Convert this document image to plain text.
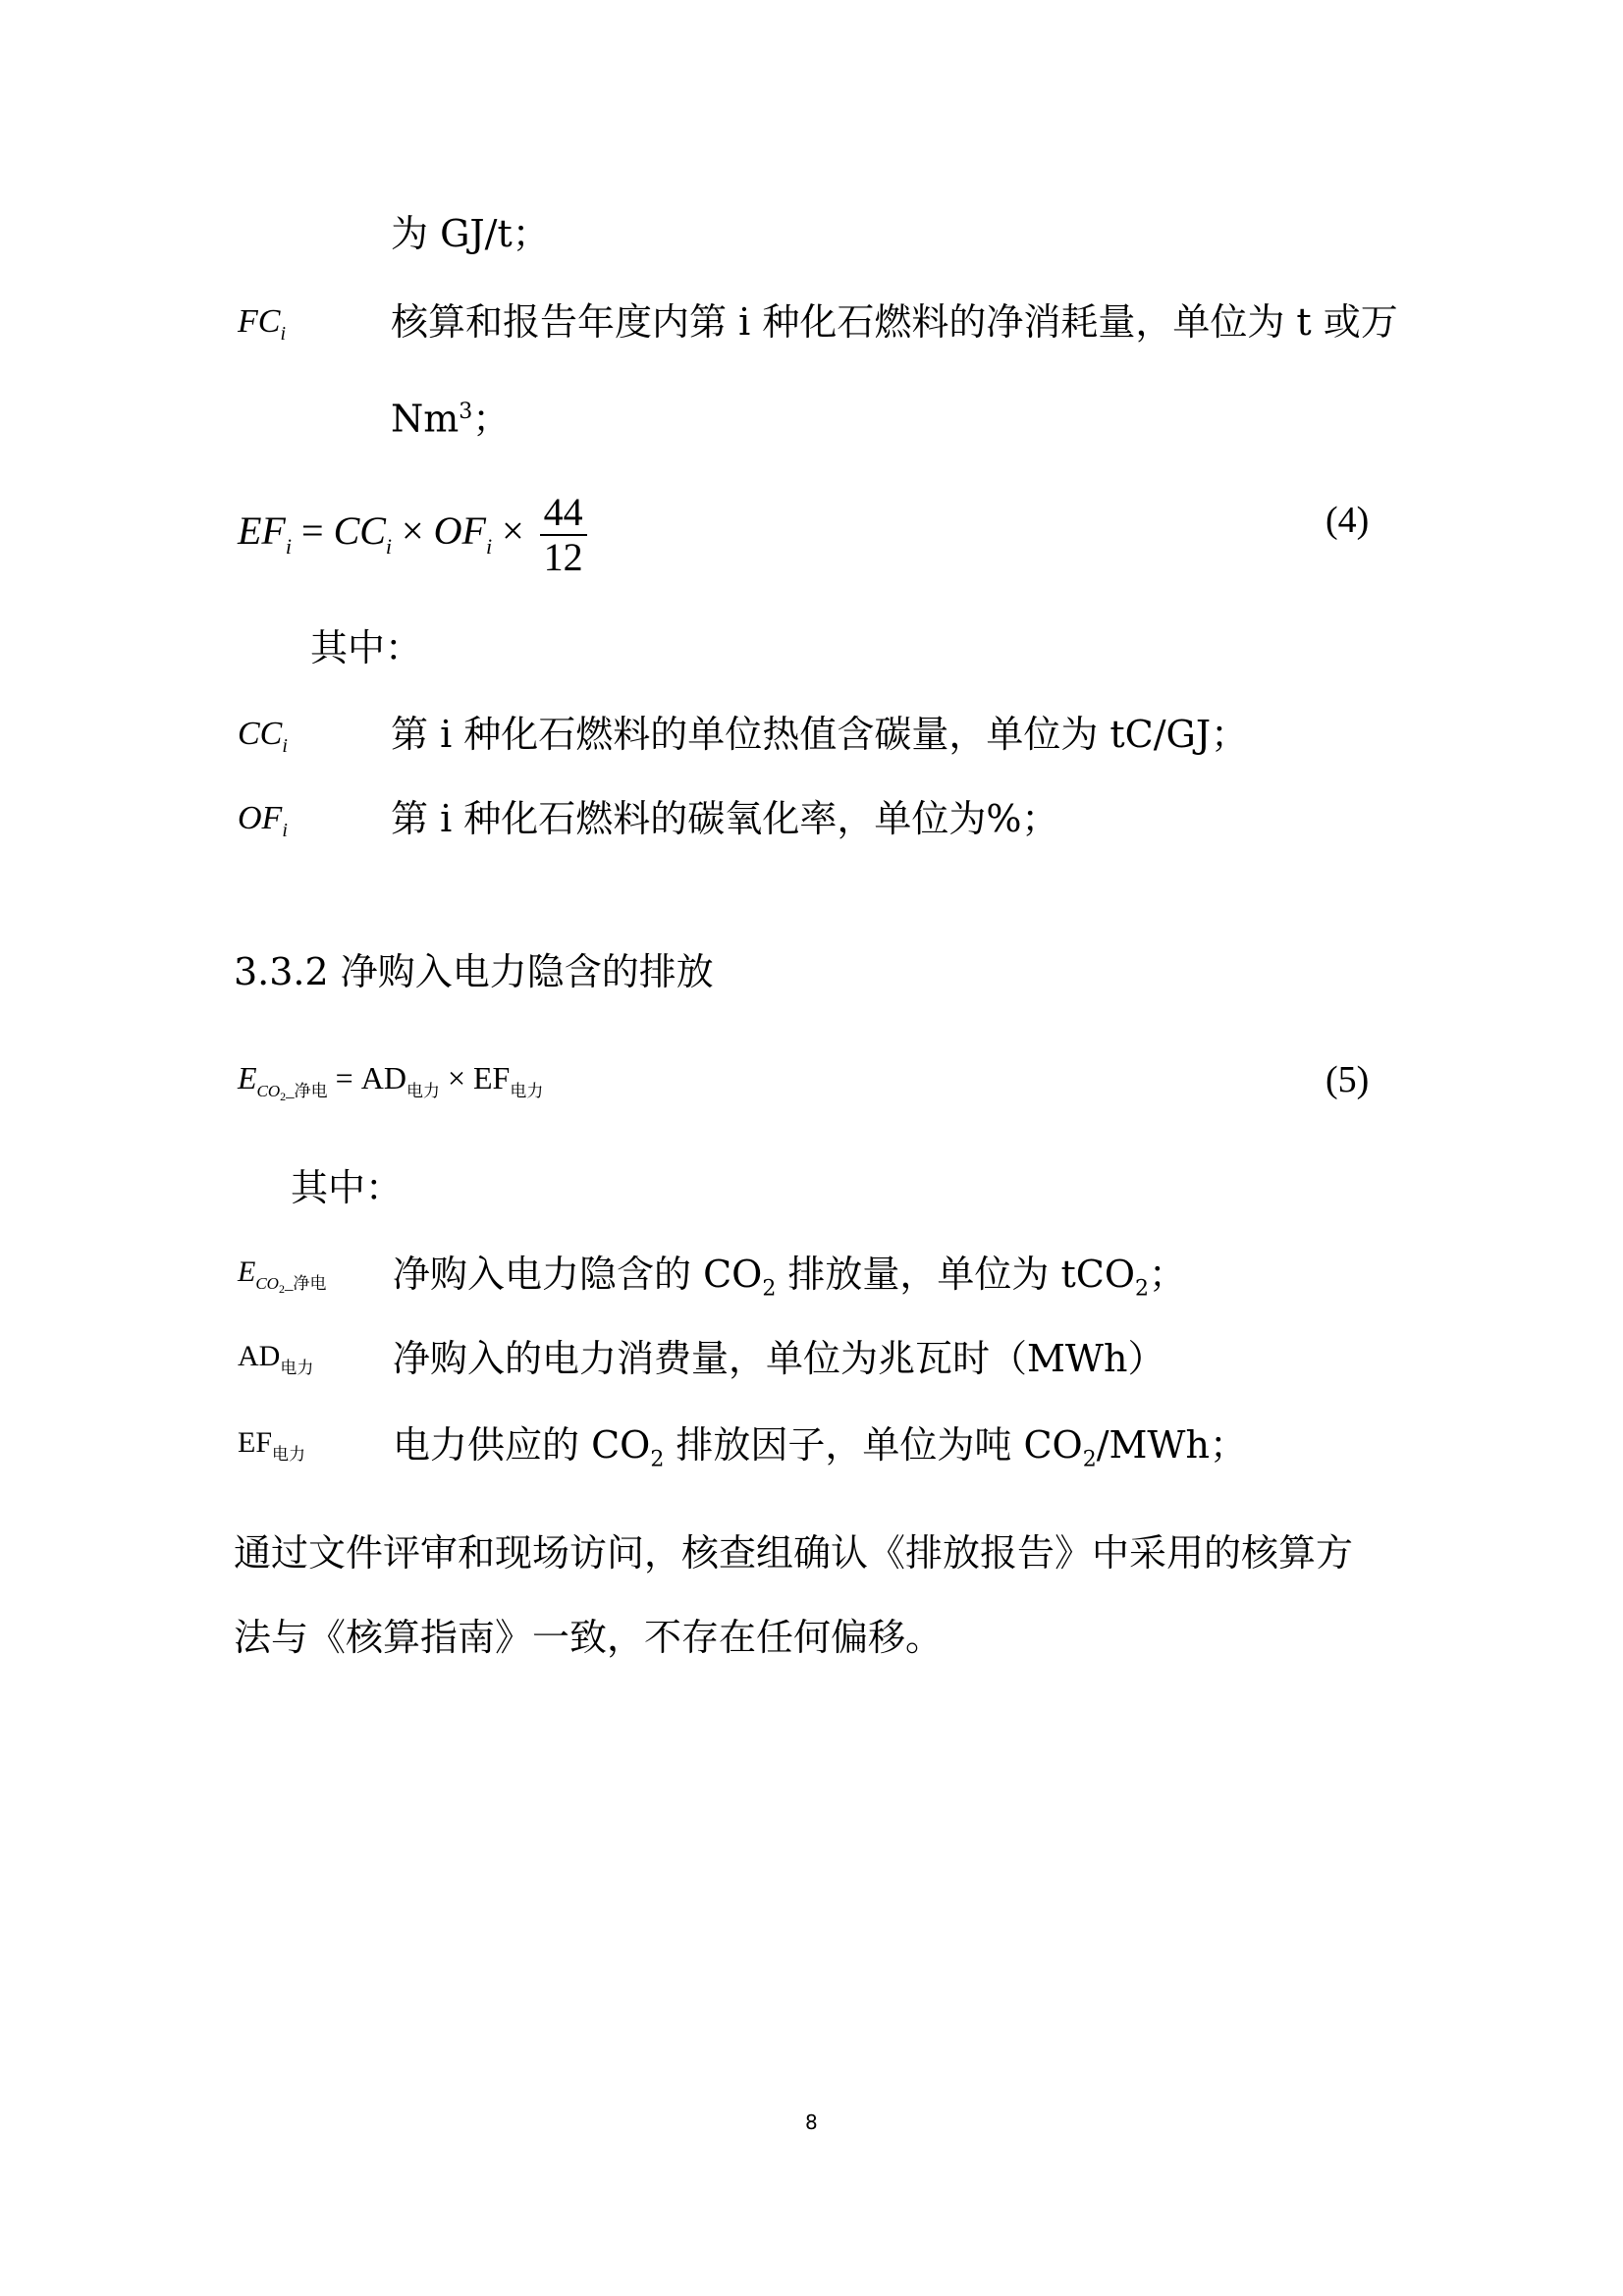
为 GJ/t；
$FC_i$	核算和报告年度内第 i 种化石燃料的净消耗量，单位为 t 或万
Nm$^3$；
$EF_i = CC_i \times OF_i \times \frac{44}{12}$	(4)
其中：
$CC_i$	第 i 种化石燃料的单位热值含碳量，单位为 tC/GJ；
$OF_i$	第 i 种化石燃料的碳氧化率，单位为%；
3.3.2 净购入电力隐含的排放
$E_{CO_2\_净电} = AD_{电力} \times EF_{电力}$	(5)
其中：
$E_{CO_2\_净电}$ 净购入电力隐含的 $CO_2$ 排放量，单位为 tCO$_2$；
$AD_{电力}$ 净购入的电力消费量，单位为兆瓦时（MWh）
$EF_{电力}$ 电力供应的 $CO_2$ 排放因子，单位为吨 $CO_2$/MWh；
通过文件评审和现场访问，核查组确认《排放报告》中采用的核算方
法与《核算指南》一致，不存在任何偏移。
8
